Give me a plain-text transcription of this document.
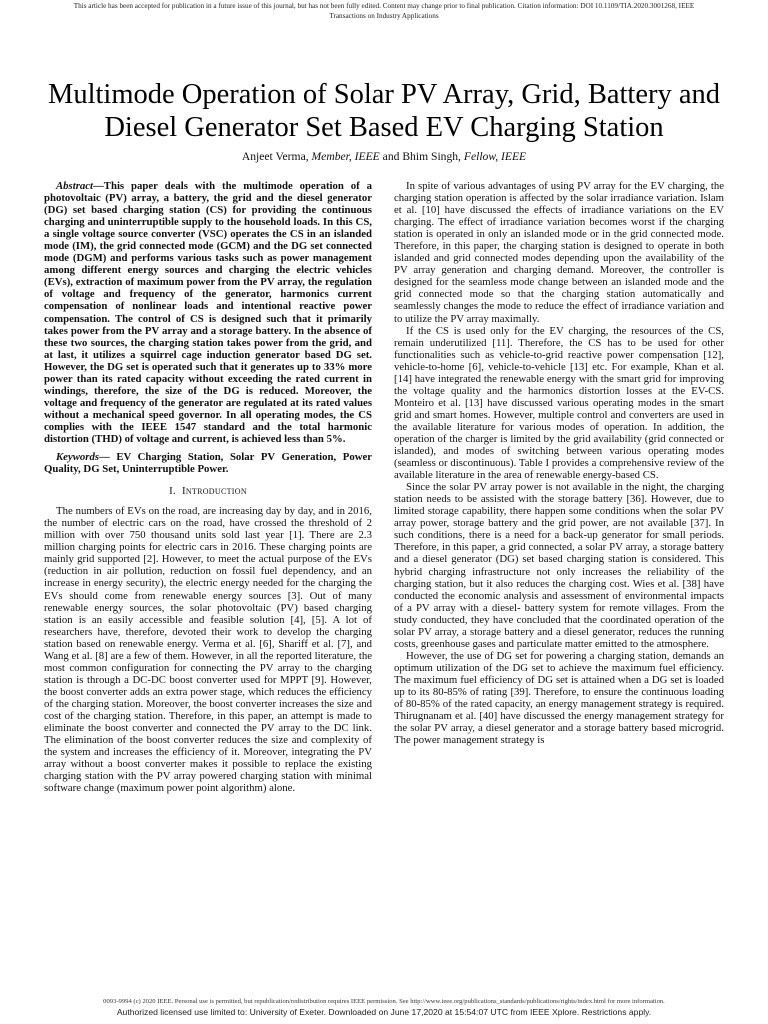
This article has been accepted for publication in a future issue of this journal, but has not been fully edited. Content may change prior to final publication. Citation information: DOI 10.1109/TIA.2020.3001268, IEEE
Transactions on Industry Applications
Multimode Operation of Solar PV Array, Grid, Battery and Diesel Generator Set Based EV Charging Station
Anjeet Verma, Member, IEEE and Bhim Singh, Fellow, IEEE

Abstract—This paper deals with the multimode operation of a photovoltaic (PV) array, a battery, the grid and the diesel generator (DG) set based charging station (CS) for providing the continuous charging and uninterruptible supply to the household loads. In this CS, a single voltage source converter (VSC) operates the CS in an islanded mode (IM), the grid connected mode (GCM) and the DG set connected mode (DGM) and performs various tasks such as power management among different energy sources and charging the electric vehicles (EVs), extraction of maximum power from the PV array, the regulation of voltage and frequency of the generator, harmonics current compensation of nonlinear loads and intentional reactive power compensation. The control of CS is designed such that it primarily takes power from the PV array and a storage battery. In the absence of these two sources, the charging station takes power from the grid, and at last, it utilizes a squirrel cage induction generator based DG set. However, the DG set is operated such that it generates up to 33% more power than its rated capacity without exceeding the rated current in windings, therefore, the size of the DG is reduced. Moreover, the voltage and frequency of the generator are regulated at its rated values without a mechanical speed governor. In all operating modes, the CS complies with the IEEE 1547 standard and the total harmonic distortion (THD) of voltage and current, is achieved less than 5%.

Keywords— EV Charging Station, Solar PV Generation, Power Quality, DG Set, Uninterruptible Power.

I. Introduction

The numbers of EVs on the road, are increasing day by day, and in 2016, the number of electric cars on the road, have crossed the threshold of 2 million with over 750 thousand units sold last year [1]. There are 2.3 million charging points for electric cars in 2016. These charging points are mainly grid supported [2]. However, to meet the actual purpose of the EVs (reduction in air pollution, reduction on fossil fuel dependency, and an increase in energy security), the electric energy needed for the charging the EVs should come from renewable energy sources [3]. Out of many renewable energy sources, the solar photovoltaic (PV) based charging station is an easily accessible and feasible solution [4], [5]. A lot of researchers have, therefore, devoted their work to develop the charging station based on renewable energy. Verma et al. [6], Shariff et al. [7], and Wang et al. [8] are a few of them. However, in all the reported literature, the most common configuration for connecting the PV array to the charging station is through a DC-DC boost converter used for MPPT [9]. However, the boost converter adds an extra power stage, which reduces the efficiency of the charging station. Moreover, the boost converter increases the size and cost of the charging station. Therefore, in this paper, an attempt is made to eliminate the boost converter and connected the PV array to the DC link. The elimination of the boost converter reduces the size and complexity of the system and increases the efficiency of it. Moreover, integrating the PV array without a boost converter makes it possible to replace the existing charging station with the PV array powered charging station with minimal software change (maximum power point algorithm) alone.

In spite of various advantages of using PV array for the EV charging, the charging station operation is affected by the solar irradiance variation. Islam et al. [10] have discussed the effects of irradiance variations on the EV charging. The effect of irradiance variation becomes worst if the charging station is operated in only an islanded mode or in the grid connected mode. Therefore, in this paper, the charging station is designed to operate in both islanded and grid connected modes depending upon the availability of the PV array generation and charging demand. Moreover, the controller is designed for the seamless mode change between an islanded mode and the grid connected mode so that the charging station automatically and seamlessly changes the mode to reduce the effect of irradiance variation and to utilize the PV array maximally.

If the CS is used only for the EV charging, the resources of the CS, remain underutilized [11]. Therefore, the CS has to be used for other functionalities such as vehicle-to-grid reactive power compensation [12], vehicle-to-home [6], vehicle-to-vehicle [13] etc. For example, Khan et al. [14] have integrated the renewable energy with the smart grid for improving the voltage quality and the harmonics distortion losses at the EV-CS. Monteiro et al. [13] have discussed various operating modes in the smart grid and smart homes. However, multiple control and converters are used in the available literature for various modes of operation. In addition, the operation of the charger is limited by the grid availability (grid connected or islanded), and modes of switching between various operating modes (seamless or discontinuous). Table I provides a comprehensive review of the available literature in the area of renewable energy-based CS.

Since the solar PV array power is not available in the night, the charging station needs to be assisted with the storage battery [36]. However, due to limited storage capability, there happen some conditions when the solar PV array power, storage battery and the grid power, are not available [37]. In such conditions, there is a need for a back-up generator for small periods. Therefore, in this paper, a grid connected, a solar PV array, a storage battery and a diesel generator (DG) set based charging station is considered. This hybrid charging infrastructure not only increases the reliability of the charging station, but it also reduces the charging cost. Wies et al. [38] have conducted the economic analysis and assessment of environmental impacts of a PV array with a diesel- battery system for remote villages. From the study conducted, they have concluded that the coordinated operation of the solar PV array, a storage battery and a diesel generator, reduces the running costs, greenhouse gases and particulate matter emitted to the atmosphere.

However, the use of DG set for powering a charging station, demands an optimum utilization of the DG set to achieve the maximum fuel efficiency. The maximum fuel efficiency of DG set is attained when a DG set is loaded up to its 80-85% of rating [39]. Therefore, to ensure the continuous loading of 80-85% of the rated capacity, an energy management strategy is required. Thirugnanam et al. [40] have discussed the energy management strategy for the solar PV array, a diesel generator and a storage battery based microgrid. The power management strategy is

0093-9994 (c) 2020 IEEE. Personal use is permitted, but republication/redistribution requires IEEE permission. See http://www.ieee.org/publications_standards/publications/rights/index.html for more information.
Authorized licensed use limited to: University of Exeter. Downloaded on June 17,2020 at 15:54:07 UTC from IEEE Xplore. Restrictions apply.
